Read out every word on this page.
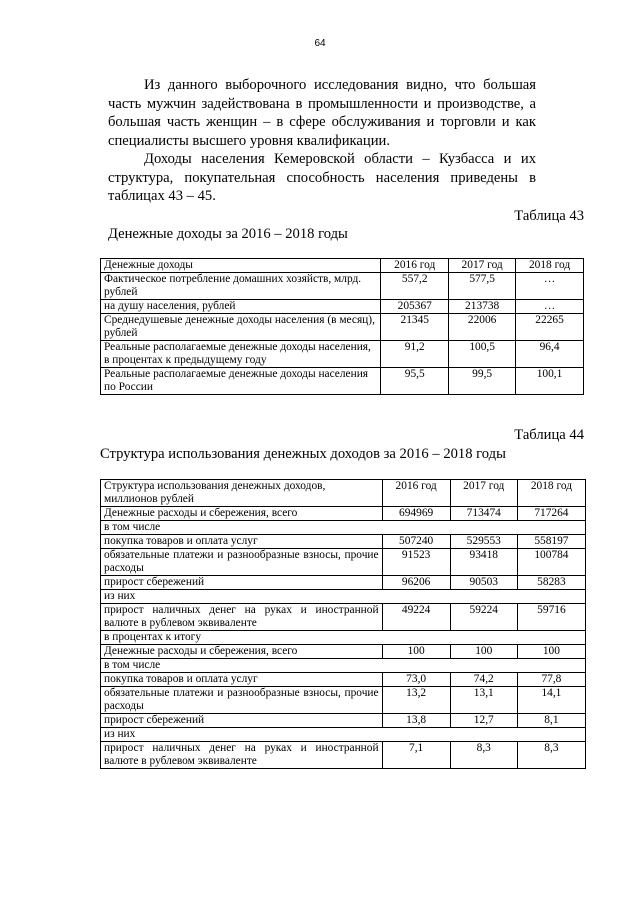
64

Из данного выборочного исследования видно, что большая часть мужчин задействована в промышленности и производстве, а большая часть женщин – в сфере обслуживания и торговли и как специалисты высшего уровня квалификации.

Доходы населения Кемеровской области – Кузбасса и их структура, покупательная способность населения приведены в таблицах 43 – 45.

Таблица 43
Денежные доходы за 2016 – 2018 годы
Денежные доходы	2016 год	2017 год	2018 год
Фактическое потребление домашних хозяйств, млрд. рублей	557,2	577,5	…
на душу населения, рублей	205367	213738	…
Среднедушевые денежные доходы населения (в месяц), рублей	21345	22006	22265
Реальные располагаемые денежные доходы населения, в процентах к предыдущему году	91,2	100,5	96,4
Реальные располагаемые денежные доходы населения по России	95,5	99,5	100,1
Таблица 44
Структура использования денежных доходов за 2016 – 2018 годы
Структура использования денежных доходов, миллионов рублей	2016 год	2017 год	2018 год
Денежные расходы и сбережения, всего	694969	713474	717264
в том числе			
покупка товаров и оплата услуг	507240	529553	558197
обязательные платежи и разнообразные взносы, прочие расходы	91523	93418	100784
прирост сбережений	96206	90503	58283
из них			
прирост наличных денег на руках и иностранной валюте в рублевом эквиваленте	49224	59224	59716
в процентах к итогу			
Денежные расходы и сбережения, всего	100	100	100
в том числе			
покупка товаров и оплата услуг	73,0	74,2	77,8
обязательные платежи и разнообразные взносы, прочие расходы	13,2	13,1	14,1
прирост сбережений	13,8	12,7	8,1
из них			
прирост наличных денег на руках и иностранной валюте в рублевом эквиваленте	7,1	8,3	8,3
